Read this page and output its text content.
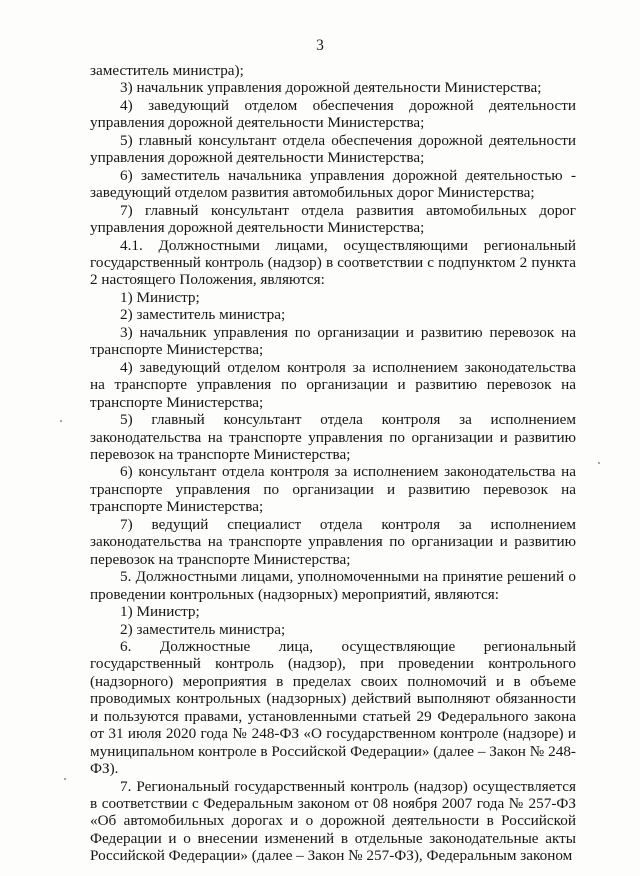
3

заместитель министра);

3) начальник управления дорожной деятельности Министерства;

4) заведующий отделом обеспечения дорожной деятельности управления дорожной деятельности Министерства;

5) главный консультант отдела обеспечения дорожной деятельности управления дорожной деятельности Министерства;

6) заместитель начальника управления дорожной деятельностью - заведующий отделом развития автомобильных дорог Министерства;

7) главный консультант отдела развития автомобильных дорог управления дорожной деятельности Министерства;

4.1. Должностными лицами, осуществляющими региональный государственный контроль (надзор) в соответствии с подпунктом 2 пункта 2 настоящего Положения, являются:

1) Министр;

2) заместитель министра;

3) начальник управления по организации и развитию перевозок на транспорте Министерства;

4) заведующий отделом контроля за исполнением законодательства на транспорте управления по организации и развитию перевозок на транспорте Министерства;

5) главный консультант отдела контроля за исполнением законодательства на транспорте управления по организации и развитию перевозок на транспорте Министерства;

6) консультант отдела контроля за исполнением законодательства на транспорте управления по организации и развитию перевозок на транспорте Министерства;

7) ведущий специалист отдела контроля за исполнением законодательства на транспорте управления по организации и развитию перевозок на транспорте Министерства;

5. Должностными лицами, уполномоченными на принятие решений о проведении контрольных (надзорных) мероприятий, являются:

1) Министр;

2) заместитель министра;

6. Должностные лица, осуществляющие региональный государственный контроль (надзор), при проведении контрольного (надзорного) мероприятия в пределах своих полномочий и в объеме проводимых контрольных (надзорных) действий выполняют обязанности и пользуются правами, установленными статьей 29 Федерального закона от 31 июля 2020 года № 248-ФЗ «О государственном контроле (надзоре) и муниципальном контроле в Российской Федерации» (далее – Закон № 248-ФЗ).

7. Региональный государственный контроль (надзор) осуществляется в соответствии с Федеральным законом от 08 ноября 2007 года № 257-ФЗ «Об автомобильных дорогах и о дорожной деятельности в Российской Федерации и о внесении изменений в отдельные законодательные акты Российской Федерации» (далее – Закон № 257-ФЗ), Федеральным законом
